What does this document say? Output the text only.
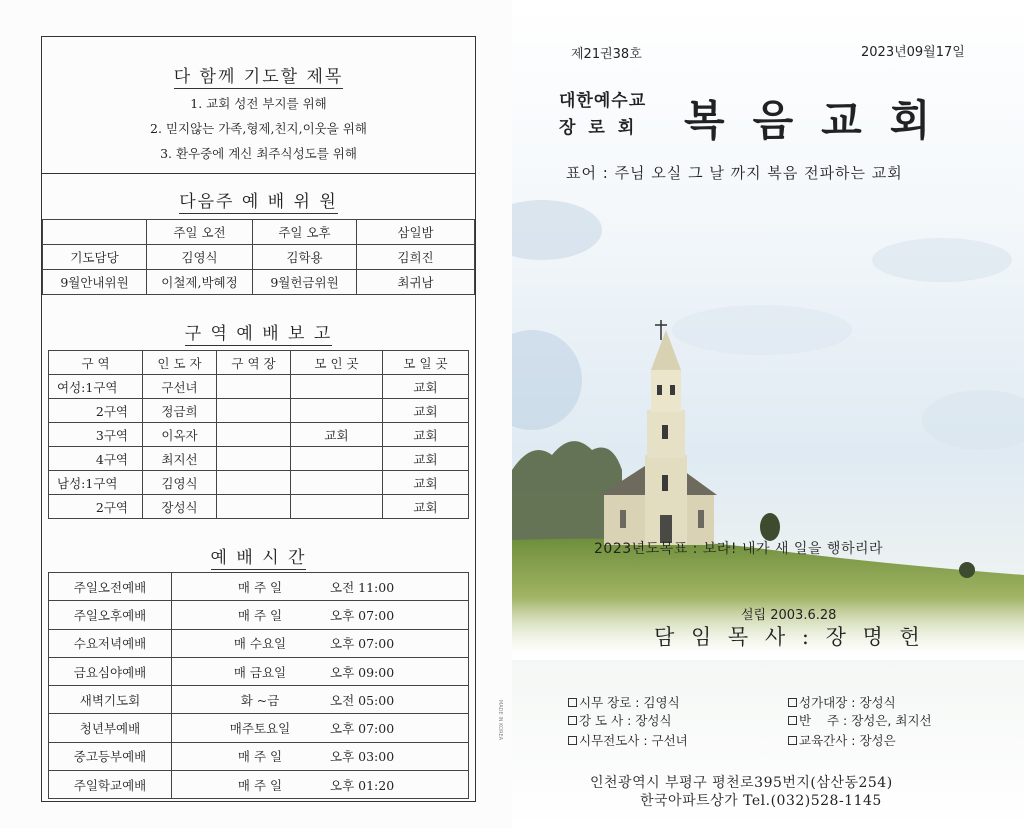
다 함께 기도할 제목
1. 교회 성전 부지를 위해
2. 믿지않는 가족,형제,친지,이웃을 위해
3. 환우중에 계신 최주식성도를 위해
다음주 예 배 위 원
	주일 오전	주일 오후	삼일밤
기도담당	김영식	김학용	김희진
9월안내위원	이철제,박혜정	9월헌금위원	최귀남
구 역 예 배 보 고
구 역	인 도 자	구 역 장	모 인 곳	모 일 곳
여성:1구역	구선녀			교회
2구역	정금희			교회
3구역	이옥자		교회	교회
4구역	최지선			교회
남성:1구역	김영식			교회
2구역	장성식			교회
예 배 시 간
주일오전예배	매 주 일 오전 11:00
주일오후예배	매 주 일 오후 07:00
수요저녁예배	매 수요일 오후 07:00
금요심야예배	매 금요일 오후 09:00
새벽기도회	화 ~금 오전 05:00
청년부예배	매주토요일 오후 07:00
중고등부예배	매 주 일 오후 03:00
주일학교예배	매 주 일 오후 01:20
제21권38호	2023년09월17일
대한예수교
장로회 복음교회
표어 : 주님 오실 그 날 까지 복음 전파하는 교회
2023년도목표 : 보라! 내가 새 일을 행하리라
설립 2003.6.28
담 임 목 사 : 장 명 헌
시무 장로 : 김영식	성가대장 : 장성식
강 도 사 : 장성식	반    주 : 장성은, 최지선
시무전도사 : 구선녀	교육간사 : 장성은
인천광역시 부평구 평천로395번지(삼산동254)
한국아파트상가 Tel.(032)528-1145
MADE IN KOREA
